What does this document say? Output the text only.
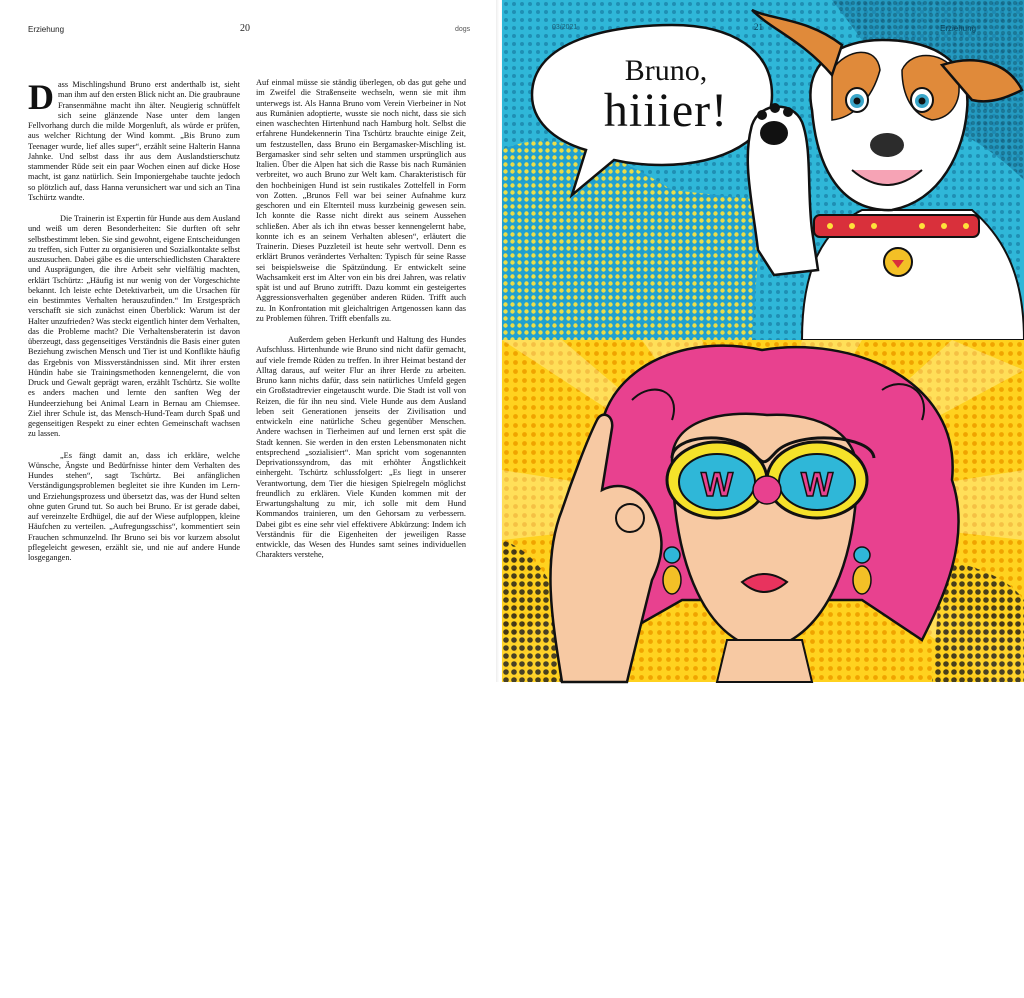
Erziehung	20	dogs

Dass Mischlingshund Bruno erst anderthalb ist, sieht man ihm auf den ersten Blick nicht an. Die graubraune Fransenmähne macht ihn älter. Neugierig schnüffelt sich seine glänzende Nase unter dem langen Fellvorhang durch die milde Morgenluft, als würde er prüfen, aus welcher Richtung der Wind kommt. „Bis Bruno zum Teenager wurde, lief alles super“, erzählt seine Halterin Hanna Jahnke. Und selbst dass ihr aus dem Auslandstierschutz stammender Rüde seit ein paar Wochen einen auf dicke Hose macht, ist ganz natürlich. Sein Imponiergehabe tauchte jedoch so plötzlich auf, dass Hanna verunsichert war und sich an Tina Tschürtz wandte.

Die Trainerin ist Expertin für Hunde aus dem Ausland und weiß um deren Besonderheiten: Sie durften oft sehr selbstbestimmt leben. Sie sind gewohnt, eigene Entscheidungen zu treffen, sich Futter zu organisieren und Sozialkontakte selbst auszusuchen. Dabei gäbe es die unterschiedlichsten Charaktere und Ausprägungen, die ihre Arbeit sehr vielfältig machten, erklärt Tschürtz: „Häufig ist nur wenig von der Vorgeschichte bekannt. Ich leiste echte Detektivarbeit, um die Ursachen für ein bestimmtes Verhalten herauszufinden.“ Im Erstgespräch verschafft sie sich zunächst einen Überblick: Warum ist der Halter unzufrieden? Was steckt eigentlich hinter dem Verhalten, das die Probleme macht? Die Verhaltensberaterin ist davon überzeugt, dass gegenseitiges Verständnis die Basis einer guten Beziehung zwischen Mensch und Tier ist und Konflikte häufig das Ergebnis von Missverständnissen sind. Mit ihrer ersten Hündin habe sie Trainingsmethoden kennengelernt, die von Druck und Gewalt geprägt waren, erzählt Tschürtz. Sie wollte es anders machen und lernte den sanften Weg der Hundeerziehung bei Animal Learn in Bernau am Chiemsee. Ziel ihrer Schule ist, das Mensch-Hund-Team durch Spaß und gegenseitigen Respekt zu einer echten Gemeinschaft wachsen zu lassen.

„Es fängt damit an, dass ich erkläre, welche Wünsche, Ängste und Bedürfnisse hinter dem Verhalten des Hundes stehen“, sagt Tschürtz. Bei anfänglichen Verständigungsproblemen begleitet sie ihre Kunden im Lern- und Erziehungsprozess und übersetzt das, was der Hund selten ohne guten Grund tut. So auch bei Bruno. Er ist gerade dabei, auf vereinzelte Erdhügel, die auf der Wiese aufploppen, kleine Häufchen zu verteilen. „Aufregungsschiss“, kommentiert sein Frauchen schmunzelnd. Ihr Bruno sei bis vor kurzem absolut pflegeleicht gewesen, erzählt sie, und nie auf andere Hunde losgegangen.

Auf einmal müsse sie ständig überlegen, ob das gut gehe und im Zweifel die Straßenseite wechseln, wenn sie mit ihm unterwegs ist. Als Hanna Bruno vom Verein Vierbeiner in Not aus Rumänien adoptierte, wusste sie noch nicht, dass sie sich einen waschechten Hirtenhund nach Hamburg holt. Selbst die erfahrene Hundekennerin Tina Tschürtz brauchte einige Zeit, um festzustellen, dass Bruno ein Bergamasker-Mischling ist. Bergamasker sind sehr selten und stammen ursprünglich aus Italien. Über die Alpen hat sich die Rasse bis nach Rumänien verbreitet, wo auch Bruno zur Welt kam. Charakteristisch für den hochbeinigen Hund ist sein rustikales Zottelfell in Form von Zotten. „Brunos Fell war bei seiner Aufnahme kurz geschoren und ein Elternteil muss kurzbeinig gewesen sein. Ich konnte die Rasse nicht direkt aus seinem Aussehen schließen. Aber als ich ihn etwas besser kennengelernt habe, konnte ich es an seinem Verhalten ablesen“, erläutert die Trainerin. Dieses Puzzleteil ist heute sehr wertvoll. Denn es erklärt Brunos verändertes Verhalten: Typisch für seine Rasse sei beispielsweise die Spätzündung. Er entwickelt seine Wachsamkeit erst im Alter von ein bis drei Jahren, was relativ spät ist und auf Bruno zutrifft. Dazu kommt ein gesteigertes Aggressionsverhalten gegenüber anderen Rüden. Trifft auch zu. In Konfrontation mit gleichaltrigen Artgenossen kann das zu Problemen führen. Trifft ebenfalls zu.

Außerdem geben Herkunft und Haltung des Hundes Aufschluss. Hirtenhunde wie Bruno sind nicht dafür gemacht, auf viele fremde Rüden zu treffen. In ihrer Heimat bestand der Alltag daraus, auf weiter Flur an ihrer Herde zu arbeiten. Bruno kann nichts dafür, dass sein natürliches Umfeld gegen ein Großstadtrevier eingetauscht wurde. Die Stadt ist voll von Reizen, die für ihn neu sind. Viele Hunde aus dem Ausland leben seit Generationen jenseits der Zivilisation und entwickeln eine natürliche Scheu gegenüber Menschen. Andere wachsen in Tierheimen auf und lernen erst spät die Stadt kennen. Sie werden in den ersten Lebensmonaten nicht entsprechend „sozialisiert“. Man spricht vom sogenannten Deprivationssyndrom, das mit erhöhter Ängstlichkeit einhergeht. Tschürtz schlussfolgert: „Es liegt in unserer Verantwortung, dem Tier die hiesigen Spielregeln möglichst freundlich zu erklären. Viele Kunden kommen mit der Erwartungshaltung zu mir, ich solle mit dem Hund Kommandos trainieren, um den Gehorsam zu verbessern. Dabei gibt es eine sehr viel effektivere Abkürzung: Indem ich Verständnis für die Eigenheiten der jeweiligen Rasse entwickle, das Wesen des Hundes samt seines individuellen Charakters verstehe,

03/2021	21	Erziehung
Bruno,
hiiier!
W W
shutterstock
shutterstock	shutterstock
Zaidata Karhaga
Zaidata Karhaga
